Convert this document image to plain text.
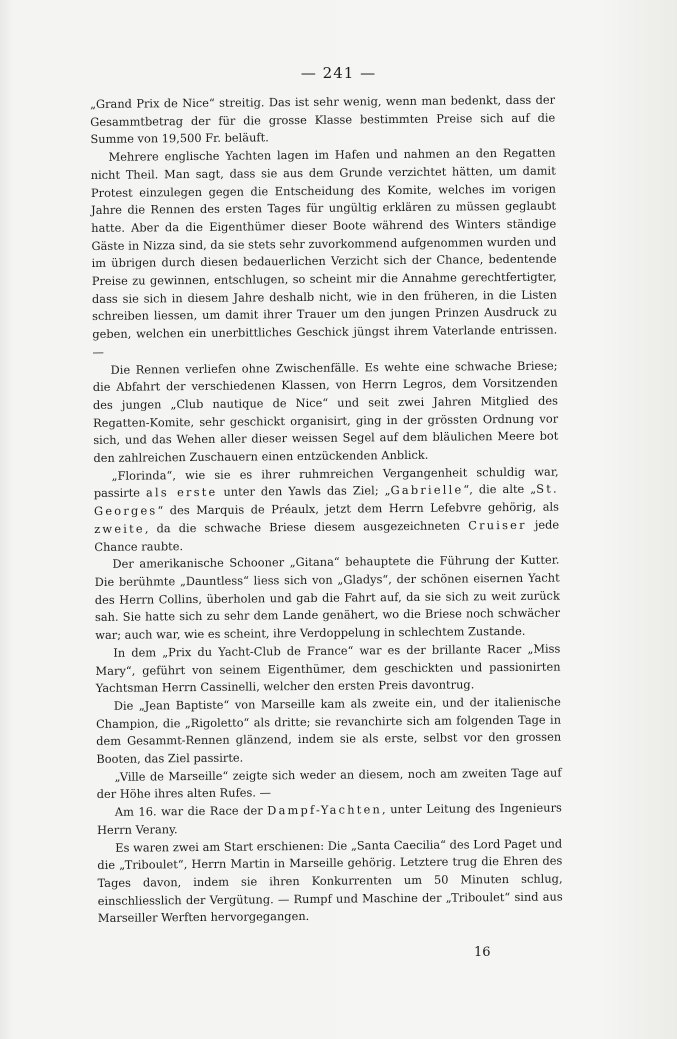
— 241 —

„Grand Prix de Nice“ streitig. Das ist sehr wenig, wenn man bedenkt, dass der Gesammtbetrag der für die grosse Klasse bestimmten Preise sich auf die Summe von 19,500 Fr. beläuft.

Mehrere englische Yachten lagen im Hafen und nahmen an den Regatten nicht Theil. Man sagt, dass sie aus dem Grunde verzichtet hätten, um damit Protest einzulegen gegen die Entscheidung des Komite, welches im vorigen Jahre die Rennen des ersten Tages für ungültig erklären zu müssen geglaubt hatte. Aber da die Eigenthümer dieser Boote während des Winters ständige Gäste in Nizza sind, da sie stets sehr zuvorkommend aufgenommen wurden und im übrigen durch diesen bedauerlichen Verzicht sich der Chance, bedentende Preise zu gewinnen, entschlugen, so scheint mir die Annahme gerechtfertigter, dass sie sich in diesem Jahre deshalb nicht, wie in den früheren, in die Listen schreiben liessen, um damit ihrer Trauer um den jungen Prinzen Ausdruck zu geben, welchen ein unerbittliches Geschick jüngst ihrem Vaterlande entrissen. —

Die Rennen verliefen ohne Zwischenfälle. Es wehte eine schwache Briese; die Abfahrt der verschiedenen Klassen, von Herrn Legros, dem Vorsitzenden des jungen „Club nautique de Nice“ und seit zwei Jahren Mitglied des Regatten-Komite, sehr geschickt organisirt, ging in der grössten Ordnung vor sich, und das Wehen aller dieser weissen Segel auf dem bläulichen Meere bot den zahlreichen Zuschauern einen entzückenden Anblick.

„Florinda“, wie sie es ihrer ruhmreichen Vergangenheit schuldig war, passirte als erste unter den Yawls das Ziel; „Gabrielle“, die alte „St. Georges“ des Marquis de Préaulx, jetzt dem Herrn Lefebvre gehörig, als zweite, da die schwache Briese diesem ausgezeichneten Cruiser jede Chance raubte.

Der amerikanische Schooner „Gitana“ behauptete die Führung der Kutter. Die berühmte „Dauntless“ liess sich von „Gladys“, der schönen eisernen Yacht des Herrn Collins, überholen und gab die Fahrt auf, da sie sich zu weit zurück sah. Sie hatte sich zu sehr dem Lande genähert, wo die Briese noch schwächer war; auch war, wie es scheint, ihre Verdoppelung in schlechtem Zustande.

In dem „Prix du Yacht-Club de France“ war es der brillante Racer „Miss Mary“, geführt von seinem Eigenthümer, dem geschickten und passionirten Yachtsman Herrn Cassinelli, welcher den ersten Preis davontrug.

Die „Jean Baptiste“ von Marseille kam als zweite ein, und der italienische Champion, die „Rigoletto“ als dritte; sie revanchirte sich am folgenden Tage in dem Gesammt-Rennen glänzend, indem sie als erste, selbst vor den grossen Booten, das Ziel passirte.

„Ville de Marseille“ zeigte sich weder an diesem, noch am zweiten Tage auf der Höhe ihres alten Rufes. —

Am 16. war die Race der Dampf-Yachten, unter Leitung des Ingenieurs Herrn Verany.

Es waren zwei am Start erschienen: Die „Santa Caecilia“ des Lord Paget und die „Triboulet“, Herrn Martin in Marseille gehörig. Letztere trug die Ehren des Tages davon, indem sie ihren Konkurrenten um 50 Minuten schlug, einschliesslich der Vergütung. — Rumpf und Maschine der „Triboulet“ sind aus Marseiller Werften hervorgegangen.

16
